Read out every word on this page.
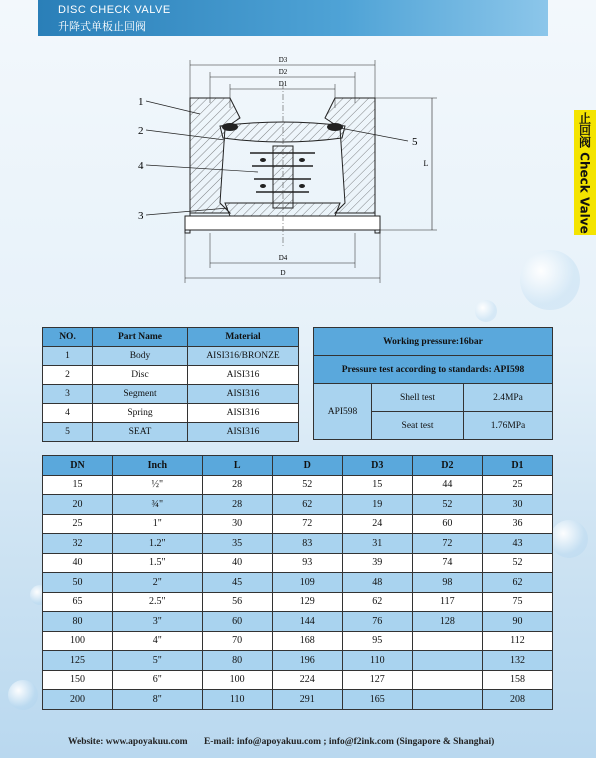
DISC CHECK VALVE
升降式单板止回阀
止回阀 Check Valve
D3
D2
D1
D4
D
L
1
2
4
3
5
NO.	Part Name	Material
1	Body	AISI316/BRONZE
2	Disc	AISI316
3	Segment	AISI316
4	Spring	AISI316
5	SEAT	AISI316
Working pressure:16bar		
Pressure test according to standards: API598		
API598	Shell test	2.4MPa
	Seat test	1.76MPa
DN	Inch	L	D	D3	D2	D1
15	½"	28	52	15	44	25
20	¾"	28	62	19	52	30
25	1"	30	72	24	60	36
32	1.2"	35	83	31	72	43
40	1.5"	40	93	39	74	52
50	2"	45	109	48	98	62
65	2.5"	56	129	62	117	75
80	3"	60	144	76	128	90
100	4"	70	168	95		112
125	5"	80	196	110		132
150	6"	100	224	127		158
200	8"	110	291	165		208
Website: www.apoyakuu.com E-mail: info@apoyakuu.com ; info@f2ink.com (Singapore & Shanghai)
